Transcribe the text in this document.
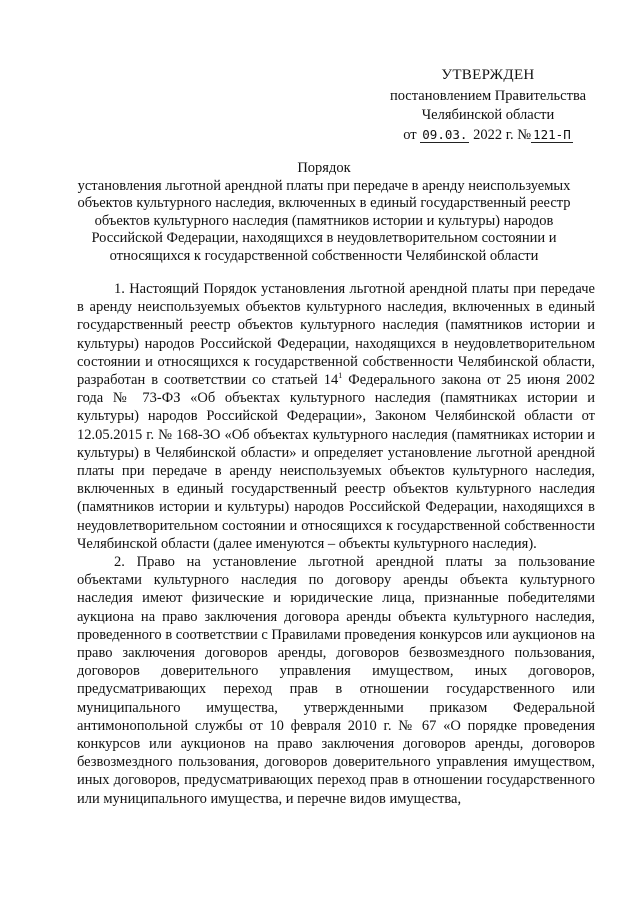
УТВЕРЖДЕН
постановлением Правительства
Челябинской области
от 09.03. 2022 г. № 121-П
Порядок
установления льготной арендной платы при передаче в аренду неиспользуемых
объектов культурного наследия, включенных в единый государственный реестр
объектов культурного наследия (памятников истории и культуры) народов
Российской Федерации, находящихся в неудовлетворительном состоянии и
относящихся к государственной собственности Челябинской области

1. Настоящий Порядок установления льготной арендной платы при передаче в аренду неиспользуемых объектов культурного наследия, включенных в единый государственный реестр объектов культурного наследия (памятников истории и культуры) народов Российской Федерации, находящихся в неудовлетворительном состоянии и относящихся к государственной собственности Челябинской области, разработан в соответствии со статьей $14^1$ Федерального закона от 25 июня 2002 года № 73-ФЗ «Об объектах культурного наследия (памятниках истории и культуры) народов Российской Федерации», Законом Челябинской области от 12.05.2015 г. № 168-ЗО «Об объектах культурного наследия (памятниках истории и культуры) в Челябинской области» и определяет установление льготной арендной платы при передаче в аренду неиспользуемых объектов культурного наследия, включенных в единый государственный реестр объектов культурного наследия (памятников истории и культуры) народов Российской Федерации, находящихся в неудовлетворительном состоянии и относящихся к государственной собственности Челябинской области (далее именуются – объекты культурного наследия).

2. Право на установление льготной арендной платы за пользование объектами культурного наследия по договору аренды объекта культурного наследия имеют физические и юридические лица, признанные победителями аукциона на право заключения договора аренды объекта культурного наследия, проведенного в соответствии с Правилами проведения конкурсов или аукционов на право заключения договоров аренды, договоров безвозмездного пользования, договоров доверительного управления имуществом, иных договоров, предусматривающих переход прав в отношении государственного или муниципального имущества, утвержденными приказом Федеральной антимонопольной службы от 10 февраля 2010 г. № 67 «О порядке проведения конкурсов или аукционов на право заключения договоров аренды, договоров безвозмездного пользования, договоров доверительного управления имуществом, иных договоров, предусматривающих переход прав в отношении государственного или муниципального имущества, и перечне видов имущества,
